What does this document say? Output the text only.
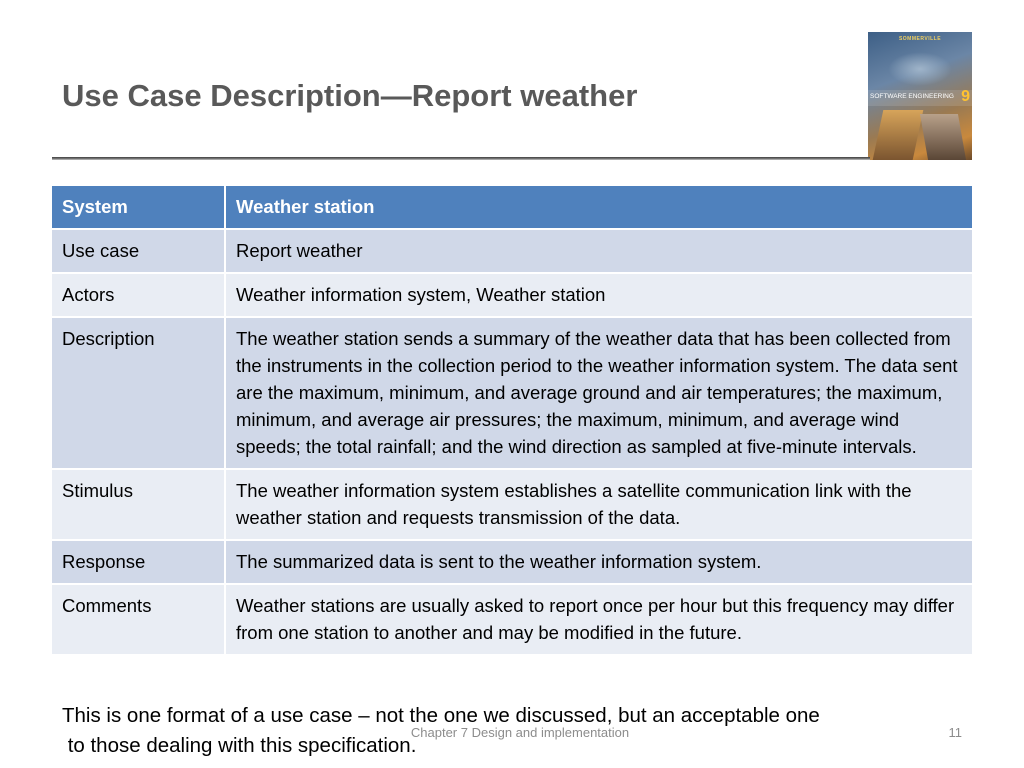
Use Case Description—Report weather
SOMMERVILLE
SOFTWARE ENGINEERING 9
System	Weather station
Use case	Report weather
Actors	Weather information system, Weather station
Description	The weather station sends a summary of the weather data that has been collected from the instruments in the collection period to the weather information system. The data sent are the maximum, minimum, and average ground and air temperatures; the maximum, minimum, and average air pressures; the maximum, minimum, and average wind speeds; the total rainfall; and the wind direction as sampled at five-minute intervals.
Stimulus	The weather information system establishes a satellite communication link with the weather station and requests transmission of the data.
Response	The summarized data is sent to the weather information system.
Comments	Weather stations are usually asked to report once per hour but this frequency may differ from one station to another and may be modified in the future.
This is one format of a use case – not the one we discussed, but an acceptable one
to those dealing with this specification.
Chapter 7 Design and implementation	11
